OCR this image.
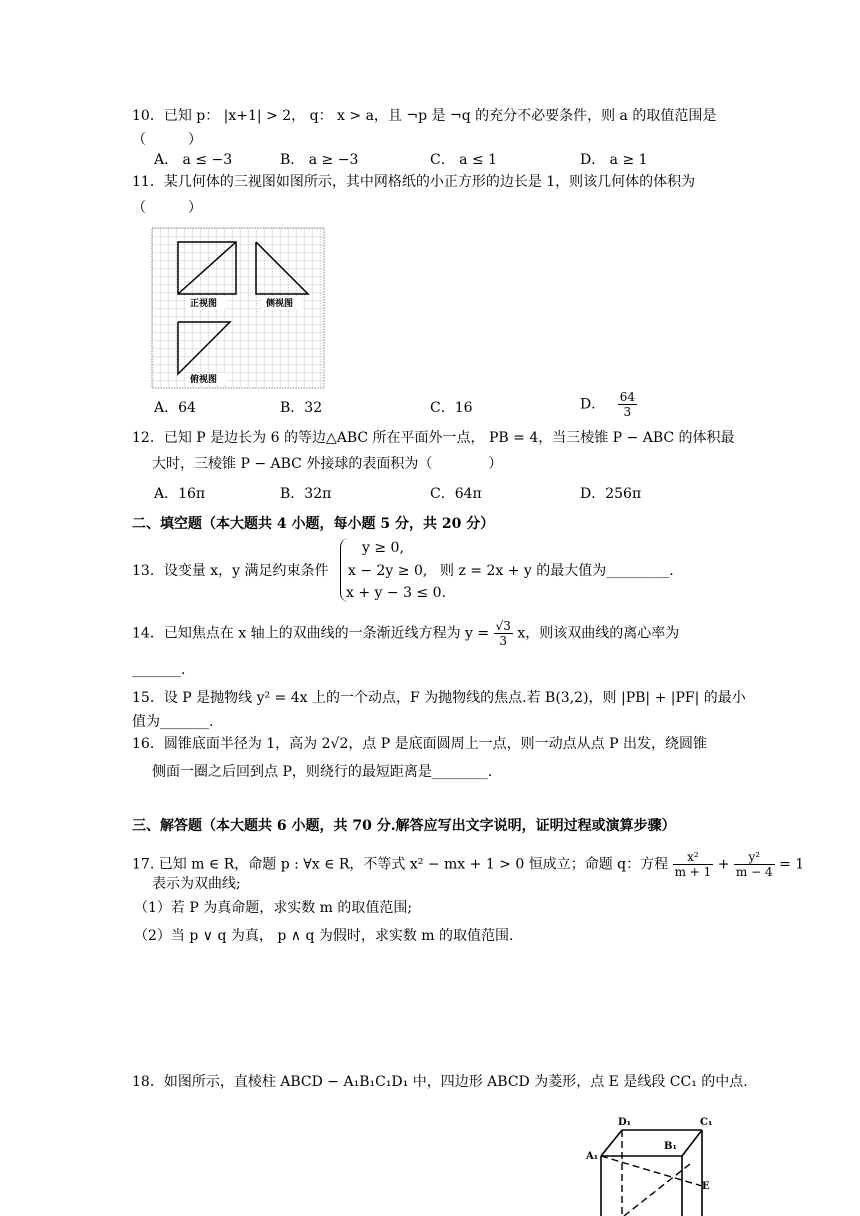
10．已知 p： |x+1| > 2， q： x > a，且 ¬p 是 ¬q 的充分不必要条件，则 a 的取值范围是
（　　　）
A． a ≤ −3	B． a ≥ −3	C． a ≤ 1	D． a ≥ 1
11．某几何体的三视图如图所示，其中网格纸的小正方形的边长是 1，则该几何体的体积为
（　　　）
正视图	侧视图
俯视图
A．64	B．32	C．16	D． $\frac{64}{3}$
12．已知 P 是边长为 6 的等边△ABC 所在平面外一点， PB = 4，当三棱锥 P − ABC 的体积最
大时，三棱锥 P − ABC 外接球的表面积为（　　　　）
A．16π	B．32π	C．64π	D．256π
二、填空题（本大题共 4 小题，每小题 5 分，共 20 分）
13．设变量 x，y 满足约束条件
y ≥ 0,
x − 2y ≥ 0,
x + y − 3 ≤ 0.
则 z = 2x + y 的最大值为_________.
14．已知焦点在 x 轴上的双曲线的一条渐近线方程为 $y = \frac{√3}{3}$ x，则该双曲线的离心率为
_______.
15．设 P 是抛物线 y² = 4x 上的一个动点，F 为抛物线的焦点.若 B(3,2)，则 |PB| + |PF| 的最小
值为_______.
16．圆锥底面半径为 1，高为 2√2，点 P 是底面圆周上一点，则一动点从点 P 出发，绕圆锥
侧面一圈之后回到点 P，则绕行的最短距离是________.
三、解答题（本大题共 6 小题，共 70 分.解答应写出文字说明，证明过程或演算步骤）
17. 已知 m ∈ R，命题 p : ∀x ∈ R，不等式 x² − mx + 1 > 0 恒成立；命题 q：方程 $\frac{\text{x²}}{m + 1} + \frac{\text{y²}}{m - 4} = 1$
表示为双曲线;
（1）若 P 为真命题，求实数 m 的取值范围;
（2）当 p ∨ q 为真， p ∧ q 为假时，求实数 m 的取值范围.
18．如图所示，直棱柱 ABCD − A₁B₁C₁D₁ 中，四边形 ABCD 为菱形，点 E 是线段 CC₁ 的中点.
D₁	C₁
A₁
B₁
E
